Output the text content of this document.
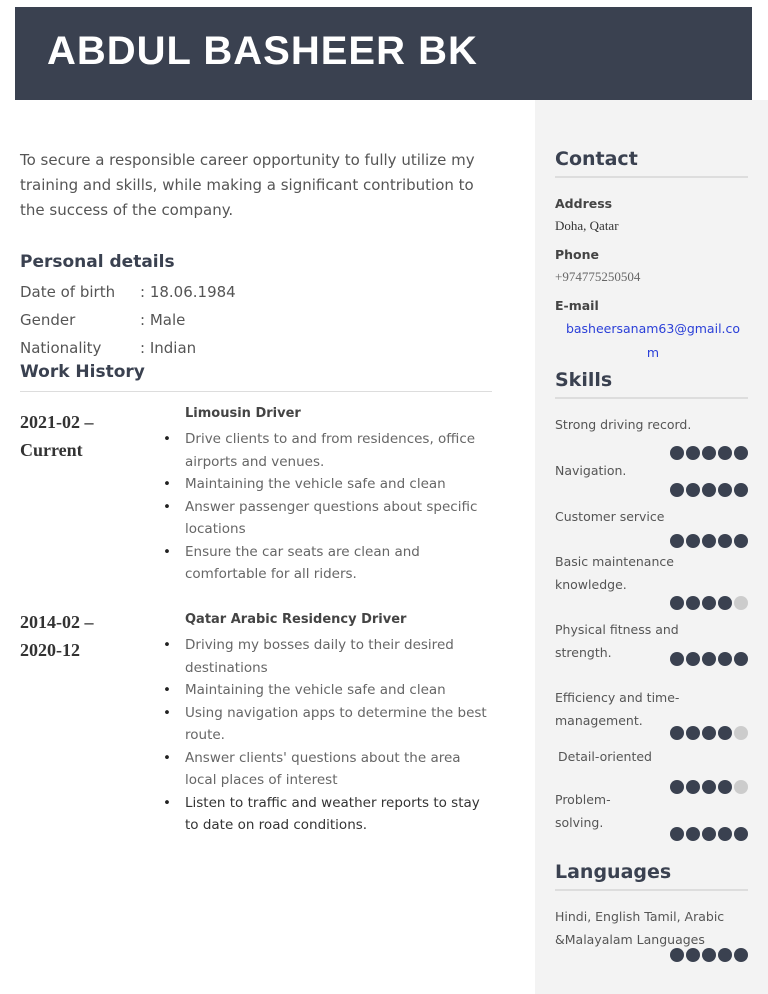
ABDUL BASHEER BK

To secure a responsible career opportunity to fully utilize my training and skills, while making a significant contribution to the success of the company.

Personal details
Work History
Contact
Address
Doha, Qatar
Phone
+974775250504
E-mail
basheersanam63@gmail.co
m
Skills
Languages
Hindi, English Tamil, Arabic &Malayalam Languages
Date of birth : 18.06.1984
Gender	: Male
Nationality	: Indian
2021-02 –
Current
Limousin Driver
• Drive clients to and from residences, office
airports and venues.
• Maintaining the vehicle safe and clean
• Answer passenger questions about specific
locations
• Ensure the car seats are clean and
comfortable for all riders.
2014-02 –
2020-12
Qatar Arabic Residency Driver
• Driving my bosses daily to their desired
destinations
• Maintaining the vehicle safe and clean
• Using navigation apps to determine the best
route.
• Answer clients' questions about the area
local places of interest
• Listen to traffic and weather reports to stay
to date on road conditions.
Strong driving record.
Navigation.
Customer service
Basic maintenance knowledge.
Physical fitness and strength.
Efficiency and time-management.
Detail-oriented
Problem-solving.
